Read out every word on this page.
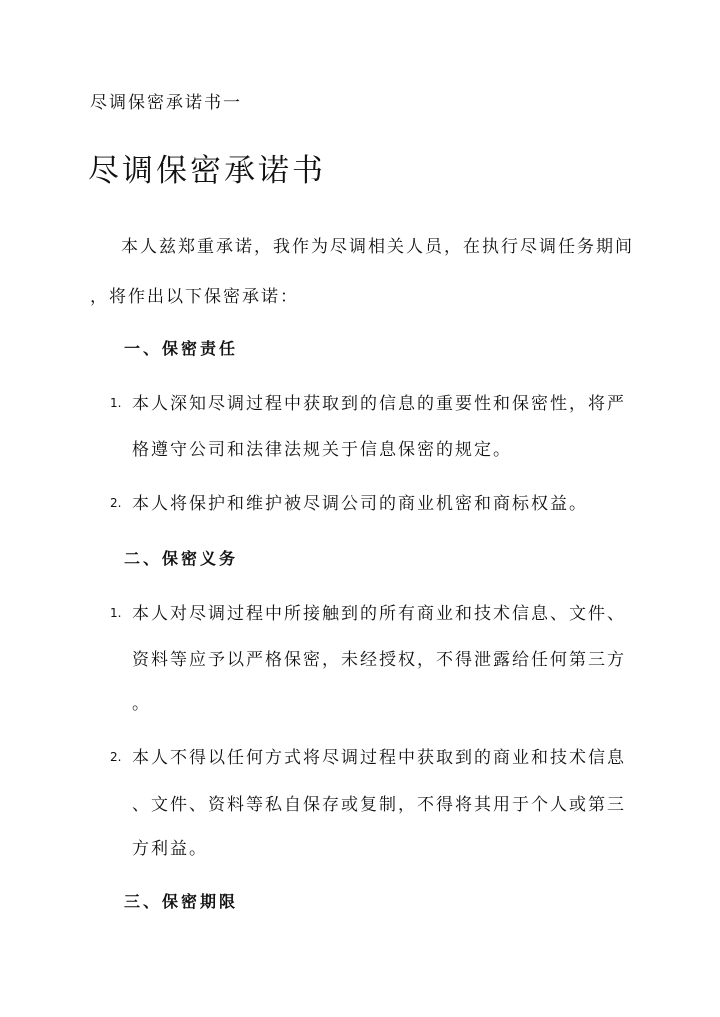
尽调保密承诺书一
尽调保密承诺书
本人兹郑重承诺，我作为尽调相关人员，在执行尽调任务期间
，将作出以下保密承诺：
一、保密责任
1. 本人深知尽调过程中获取到的信息的重要性和保密性，将严
格遵守公司和法律法规关于信息保密的规定。
2. 本人将保护和维护被尽调公司的商业机密和商标权益。
二、保密义务
1. 本人对尽调过程中所接触到的所有商业和技术信息、文件、
资料等应予以严格保密，未经授权，不得泄露给任何第三方
。
2. 本人不得以任何方式将尽调过程中获取到的商业和技术信息
、文件、资料等私自保存或复制，不得将其用于个人或第三
方利益。
三、保密期限
